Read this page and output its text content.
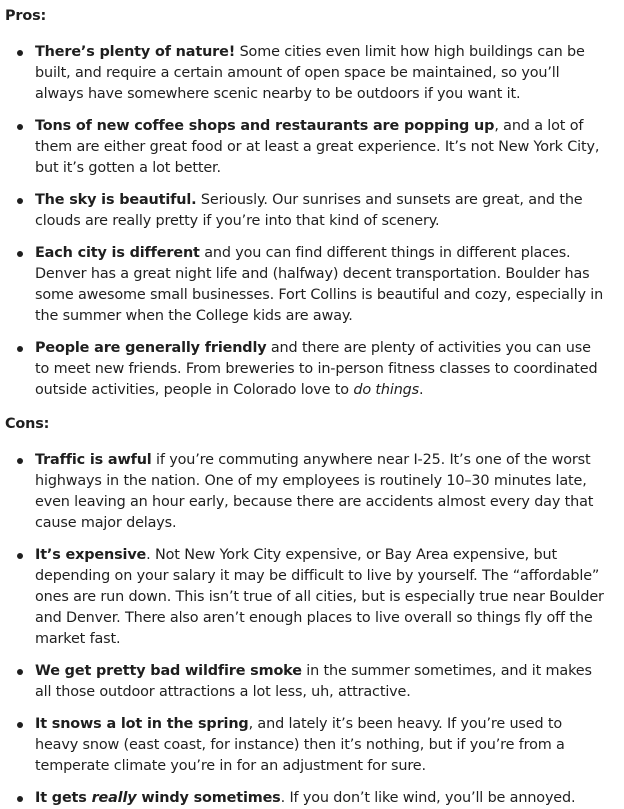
Pros:

There’s plenty of nature! Some cities even limit how high buildings can be built, and require a certain amount of open space be maintained, so you’ll always have somewhere scenic nearby to be outdoors if you want it.
Tons of new coffee shops and restaurants are popping up, and a lot of them are either great food or at least a great experience. It’s not New York City, but it’s gotten a lot better.
The sky is beautiful. Seriously. Our sunrises and sunsets are great, and the clouds are really pretty if you’re into that kind of scenery.
Each city is different and you can find different things in different places. Denver has a great night life and (halfway) decent transportation. Boulder has some awesome small businesses. Fort Collins is beautiful and cozy, especially in the summer when the College kids are away.
People are generally friendly and there are plenty of activities you can use to meet new friends. From breweries to in-person fitness classes to coordinated outside activities, people in Colorado love to do things.

Cons:

Traffic is awful if you’re commuting anywhere near I-25. It’s one of the worst highways in the nation. One of my employees is routinely 10–30 minutes late, even leaving an hour early, because there are accidents almost every day that cause major delays.
It’s expensive. Not New York City expensive, or Bay Area expensive, but depending on your salary it may be difficult to live by yourself. The “affordable” ones are run down. This isn’t true of all cities, but is especially true near Boulder and Denver. There also aren’t enough places to live overall so things fly off the market fast.
We get pretty bad wildfire smoke in the summer sometimes, and it makes all those outdoor attractions a lot less, uh, attractive.
It snows a lot in the spring, and lately it’s been heavy. If you’re used to heavy snow (east coast, for instance) then it’s nothing, but if you’re from a temperate climate you’re in for an adjustment for sure.
It gets really windy sometimes. If you don’t like wind, you’ll be annoyed.
